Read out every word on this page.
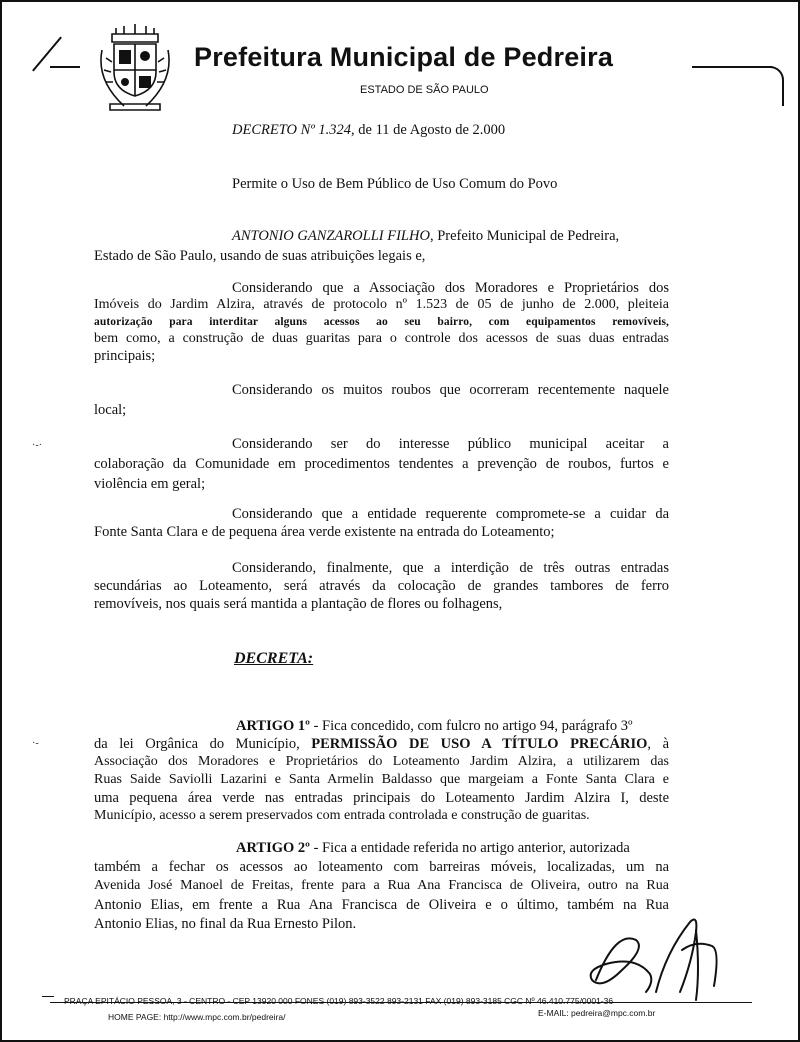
Prefeitura Municipal de Pedreira
ESTADO DE SÃO PAULO
DECRETO Nº 1.324, de 11 de Agosto de 2.000
Permite o Uso de Bem Público de Uso Comum do Povo
ANTONIO GANZAROLLI FILHO, Prefeito Municipal de Pedreira,
Estado de São Paulo, usando de suas atribuições legais e,
Considerando que a Associação dos Moradores e Proprietários dos
Imóveis do Jardim Alzira, através de protocolo nº 1.523 de 05 de junho de 2.000, pleiteia
autorização para interditar alguns acessos ao seu bairro, com equipamentos removíveis,
bem como, a construção de duas guaritas para o controle dos acessos de suas duas entradas
principais;
Considerando os muitos roubos que ocorreram recentemente naquele
local;
Considerando ser do interesse público municipal aceitar a
colaboração da Comunidade em procedimentos tendentes a prevenção de roubos, furtos e
violência em geral;
Considerando que a entidade requerente compromete-se a cuidar da
Fonte Santa Clara e de pequena área verde existente na entrada do Loteamento;
Considerando, finalmente, que a interdição de três outras entradas
secundárias ao Loteamento, será através da colocação de grandes tambores de ferro
removíveis, nos quais será mantida a plantação de flores ou folhagens,
DECRETA:
ARTIGO 1º - Fica concedido, com fulcro no artigo 94, parágrafo 3º
da lei Orgânica do Município, PERMISSÃO DE USO A TÍTULO PRECÁRIO, à
Associação dos Moradores e Proprietários do Loteamento Jardim Alzira, a utilizarem das
Ruas Saide Saviolli Lazarini e Santa Armelin Baldasso que margeiam a Fonte Santa Clara e
uma pequena área verde nas entradas principais do Loteamento Jardim Alzira I, deste
Município, acesso a serem preservados com entrada controlada e construção de guaritas.
ARTIGO 2º - Fica a entidade referida no artigo anterior, autorizada
também a fechar os acessos ao loteamento com barreiras móveis, localizadas, um na
Avenida José Manoel de Freitas, frente para a Rua Ana Francisca de Oliveira, outro na Rua
Antonio Elias, em frente a Rua Ana Francisca de Oliveira e o último, também na Rua
Antonio Elias, no final da Rua Ernesto Pilon.
·-·
·-
PRAÇA EPITÁCIO PESSOA, 3 - CENTRO - CEP 13920 000 FONES (019) 893-3522 893-2131 FAX (019) 893-3185 CGC Nº 46.410.775/0001-36
HOME PAGE: http://www.mpc.com.br/pedreira/	E-MAIL: pedreira@mpc.com.br
